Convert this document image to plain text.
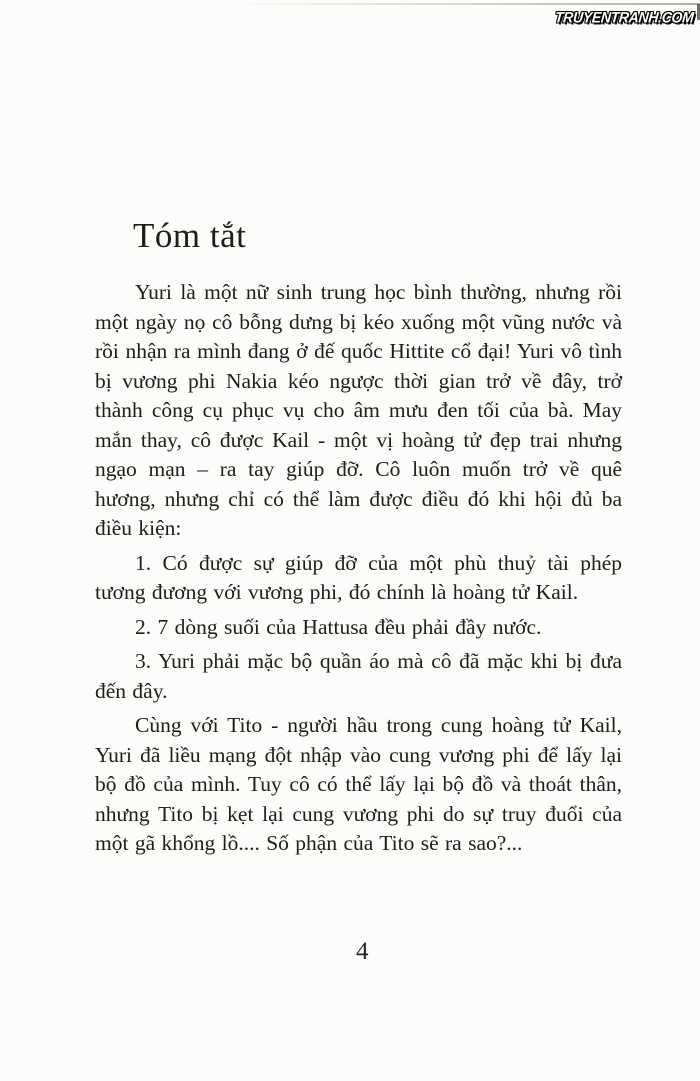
TRUYENTRANH.COM
Tóm tắt

Yuri là một nữ sinh trung học bình thường, nhưng rồi một ngày nọ cô bỗng dưng bị kéo xuống một vũng nước và rồi nhận ra mình đang ở đế quốc Hittite cổ đại! Yuri vô tình bị vương phi Nakia kéo ngược thời gian trở về đây, trở thành công cụ phục vụ cho âm mưu đen tối của bà. May mắn thay, cô được Kail - một vị hoàng tử đẹp trai nhưng ngạo mạn – ra tay giúp đỡ. Cô luôn muốn trở về quê hương, nhưng chỉ có thể làm được điều đó khi hội đủ ba điều kiện:

1. Có được sự giúp đỡ của một phù thuỷ tài phép tương đương với vương phi, đó chính là hoàng tử Kail.

2. 7 dòng suối của Hattusa đều phải đầy nước.

3. Yuri phải mặc bộ quần áo mà cô đã mặc khi bị đưa đến đây.

Cùng với Tito - người hầu trong cung hoàng tử Kail, Yuri đã liều mạng đột nhập vào cung vương phi để lấy lại bộ đồ của mình. Tuy cô có thể lấy lại bộ đồ và thoát thân, nhưng Tito bị kẹt lại cung vương phi do sự truy đuổi của một gã khổng lồ.... Số phận của Tito sẽ ra sao?...

4
